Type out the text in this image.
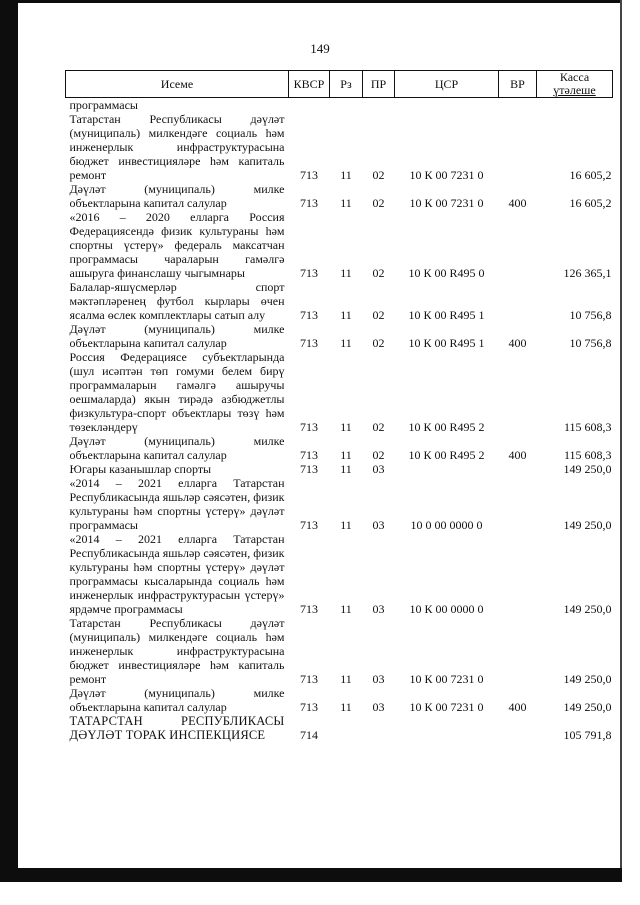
149
Исеме	КВСР	Рз	ПР	ЦСР	ВР	Касса

үтәлеше

программасы						
Татарстан Республикасы дәүләт (муниципаль) милкендәге социаль һәм инженерлык инфраструктурасына бюджет инвестицияләре һәм капиталь ремонт	713	11	02	10 К 00 7231 0		16 605,2
Дәүләт (муниципаль) милке объектларына капитал салулар	713	11	02	10 К 00 7231 0	400	16 605,2
«2016 – 2020 елларга Россия Федерациясендә физик культураны һәм спортны үстерү» федераль максатчан программасы чараларын гамәлгә ашыруга финанслашу чыгымнары	713	11	02	10 К 00 R495 0		126 365,1
Балалар-яшүсмерләр спорт мәктәпләренең футбол кырлары өчен ясалма өслек комплектлары сатып алу	713	11	02	10 К 00 R495 1		10 756,8
Дәүләт (муниципаль) милке объектларына капитал салулар	713	11	02	10 К 00 R495 1	400	10 756,8
Россия Федерациясе субъектларында (шул исәптән төп гомуми белем бирү программаларын гамәлгә ашыручы оешмаларда) якын тирәдә азбюджетлы физкультура-спорт объектлары төзү һәм төзекләндерү	713	11	02	10 К 00 R495 2		115 608,3
Дәүләт (муниципаль) милке объектларына капитал салулар	713	11	02	10 К 00 R495 2	400	115 608,3
Югары казанышлар спорты	713	11	03			149 250,0
«2014 – 2021 елларга Татарстан Республикасында яшьләр сәясәтен, физик культураны һәм спортны үстерү» дәүләт программасы	713	11	03	10 0 00 0000 0		149 250,0
«2014 – 2021 елларга Татарстан Республикасында яшьләр сәясәтен, физик культураны һәм спортны үстерү» дәүләт программасы кысаларында социаль һәм инженерлык инфраструктурасын үстерү» ярдәмче программасы	713	11	03	10 К 00 0000 0		149 250,0
Татарстан Республикасы дәүләт (муниципаль) милкендәге социаль һәм инженерлык инфраструктурасына бюджет инвестицияләре һәм капиталь ремонт	713	11	03	10 К 00 7231 0		149 250,0
Дәүләт (муниципаль) милке объектларына капитал салулар	713	11	03	10 К 00 7231 0	400	149 250,0
ТАТАРСТАН РЕСПУБЛИКАСЫ ДӘҮЛӘТ ТОРАК ИНСПЕКЦИЯСЕ	714					105 791,8
